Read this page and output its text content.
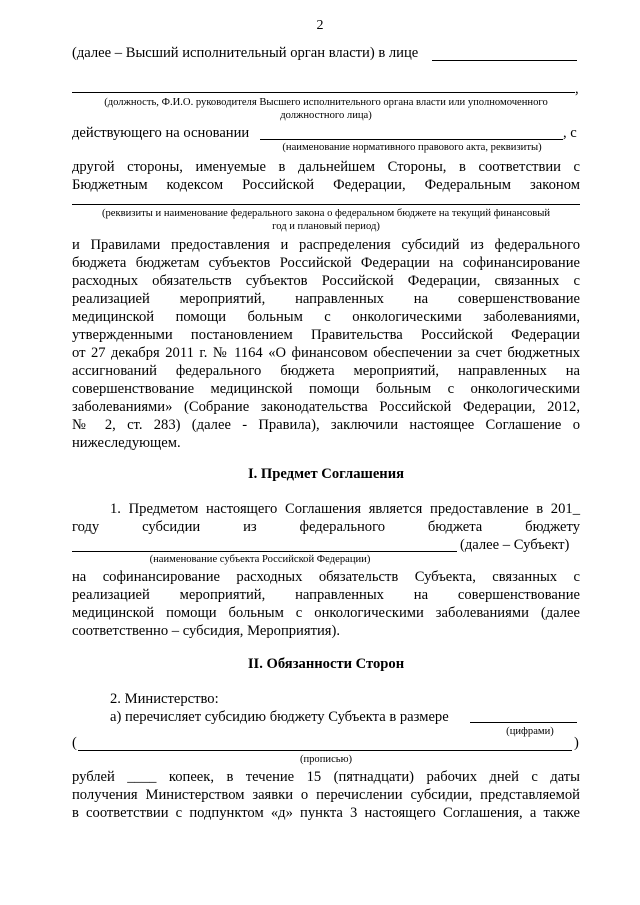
2
(далее – Высший исполнительный орган власти) в лице
,
(должность, Ф.И.О. руководителя Высшего исполнительного органа власти или уполномоченного
должностного лица)
действующего на основании	, с
(наименование нормативного правового акта, реквизиты)
другой стороны, именуемые в дальнейшем Стороны, в соответствии с
Бюджетным кодексом Российской Федерации, Федеральным законом
(реквизиты и наименование федерального закона о федеральном бюджете на текущий финансовый
год и плановый период)
и Правилами предоставления и распределения субсидий из федерального
бюджета бюджетам субъектов Российской Федерации на софинансирование
расходных обязательств субъектов Российской Федерации, связанных с
реализацией мероприятий, направленных на совершенствование
медицинской помощи больным с онкологическими заболеваниями,
утвержденными постановлением Правительства Российской Федерации
от 27 декабря 2011 г. № 1164 «О финансовом обеспечении за счет бюджетных
ассигнований федерального бюджета мероприятий, направленных на
совершенствование медицинской помощи больным с онкологическими
заболеваниями» (Собрание законодательства Российской Федерации, 2012,
№ 2, ст. 283) (далее - Правила), заключили настоящее Соглашение о
нижеследующем.
I. Предмет Соглашения
1. Предметом настоящего Соглашения является предоставление в 201_
году субсидии из федерального бюджета бюджету
(далее – Субъект)
(наименование субъекта Российской Федерации)
на софинансирование расходных обязательств Субъекта, связанных с
реализацией мероприятий, направленных на совершенствование
медицинской помощи больным с онкологическими заболеваниями (далее
соответственно – субсидия, Мероприятия).
II. Обязанности Сторон
2. Министерство:
а) перечисляет субсидию бюджету Субъекта в размере
(цифрами)
(	)
(прописью)
рублей ____ копеек, в течение 15 (пятнадцати) рабочих дней с даты
получения Министерством заявки о перечислении субсидии, представляемой
в соответствии с подпунктом «д» пункта 3 настоящего Соглашения, а также
